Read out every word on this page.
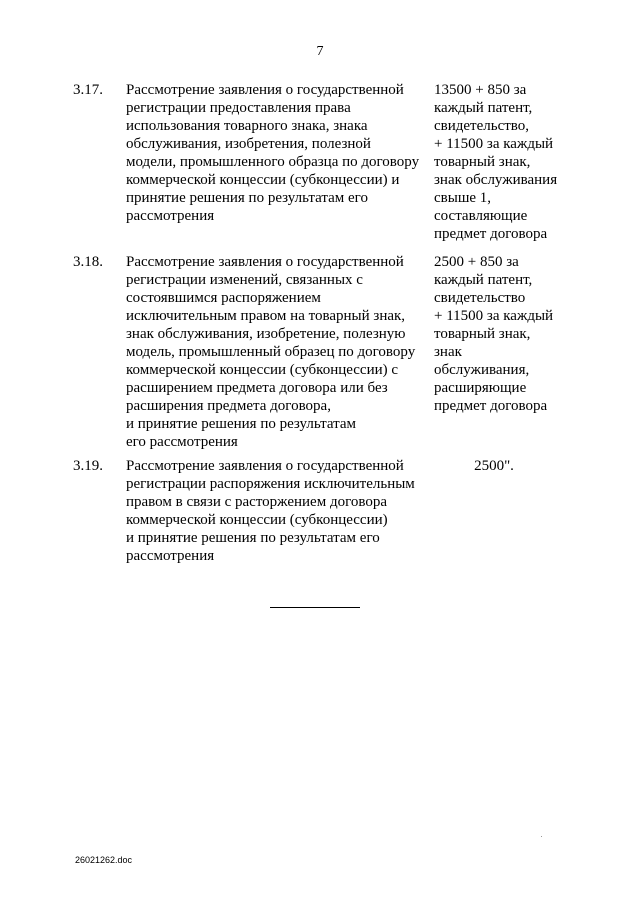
7
3.17. Рассмотрение заявления о государственной
регистрации предоставления права
использования товарного знака, знака
обслуживания, изобретения, полезной
модели, промышленного образца по договору
коммерческой концессии (субконцессии) и
принятие решения по результатам его
рассмотрения
13500 + 850 за
каждый патент,
свидетельство,
+ 11500 за каждый
товарный знак,
знак обслуживания
свыше 1,
составляющие
предмет договора
3.18. Рассмотрение заявления о государственной
регистрации изменений, связанных с
состоявшимся распоряжением
исключительным правом на товарный знак,
знак обслуживания, изобретение, полезную
модель, промышленный образец по договору
коммерческой концессии (субконцессии) с
расширением предмета договора или без
расширения предмета договора,
и принятие решения по результатам
его рассмотрения
2500 + 850 за
каждый патент,
свидетельство
+ 11500 за каждый
товарный знак,
знак
обслуживания,
расширяющие
предмет договора
3.19. Рассмотрение заявления о государственной
регистрации распоряжения исключительным
правом в связи с расторжением договора
коммерческой концессии (субконцессии)
и принятие решения по результатам его
рассмотрения
2500".
26021262.doc
